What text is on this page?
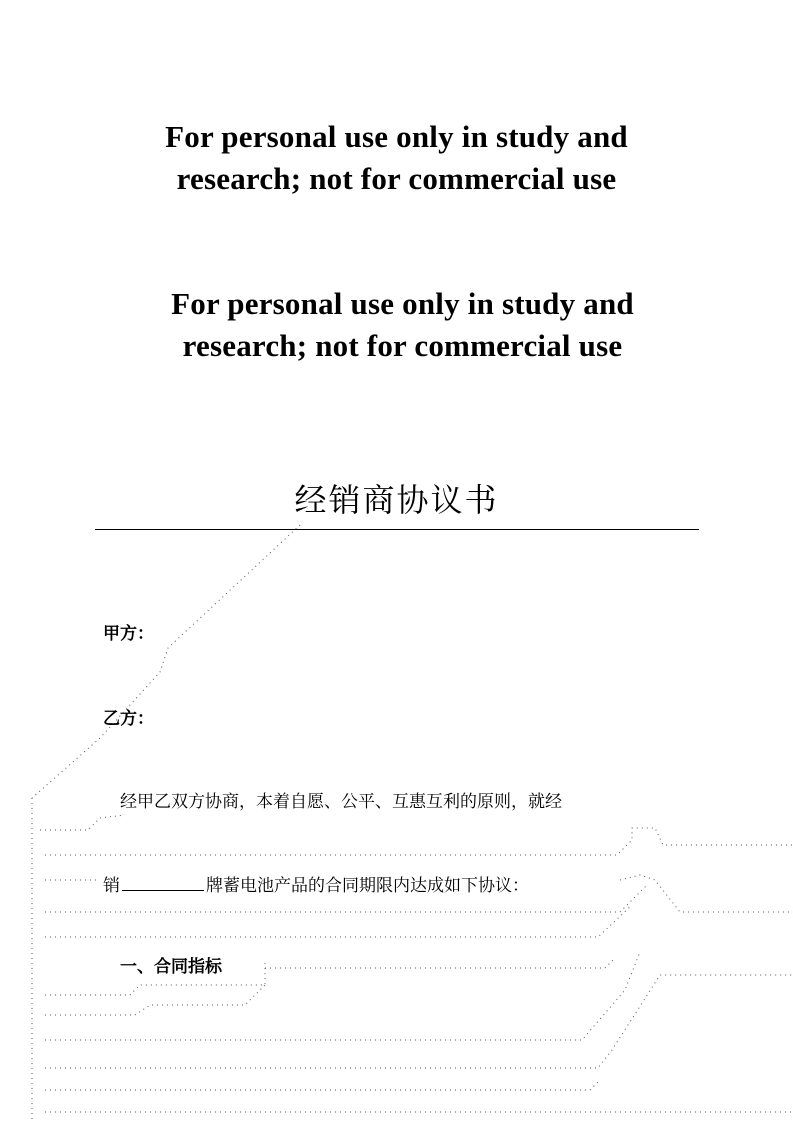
For personal use only in study and
research; not for commercial use
For personal use only in study and
research; not for commercial use
经销商协议书
甲方：
乙方：
经甲乙双方协商，本着自愿、公平、互惠互利的原则，就经
销	牌蓄电池产品的合同期限内达成如下协议：
一、合同指标
